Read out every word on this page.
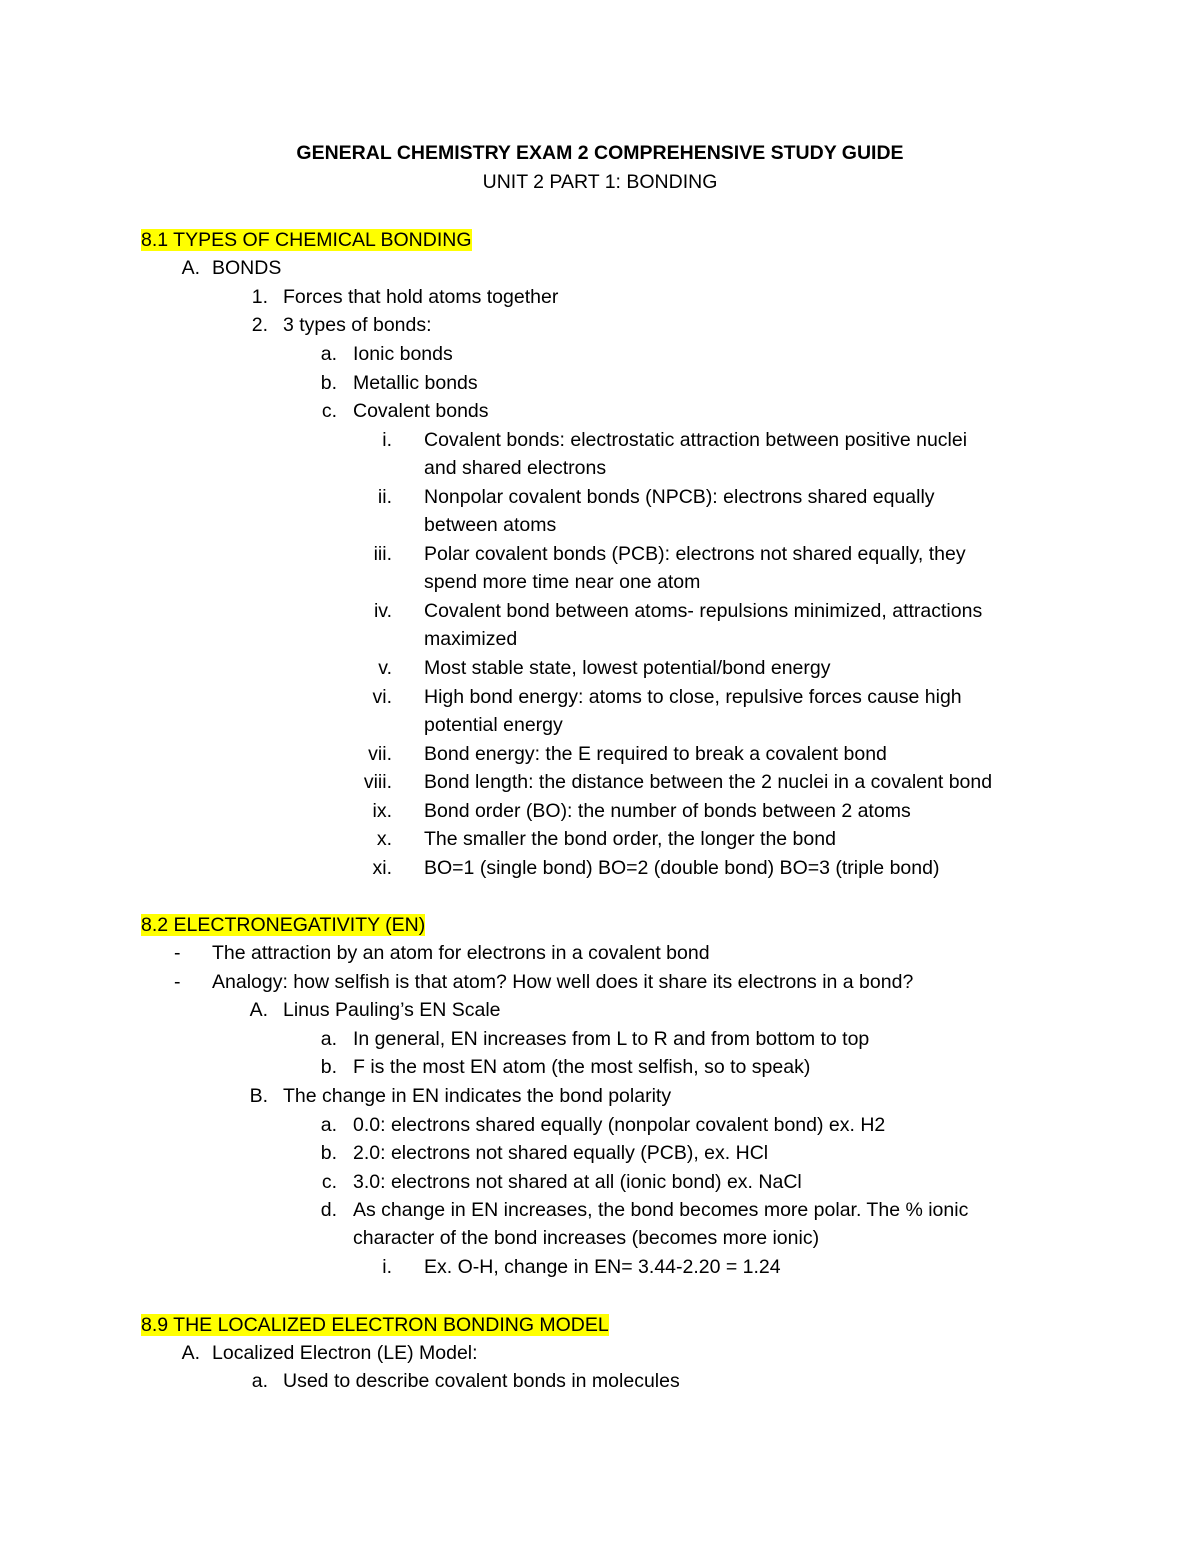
GENERAL CHEMISTRY EXAM 2 COMPREHENSIVE STUDY GUIDE
UNIT 2 PART 1: BONDING
8.1 TYPES OF CHEMICAL BONDING
A. BONDS
1. Forces that hold atoms together
2. 3 types of bonds:
a. Ionic bonds
b. Metallic bonds
c. Covalent bonds
i. Covalent bonds: electrostatic attraction between positive nuclei
and shared electrons
ii. Nonpolar covalent bonds (NPCB): electrons shared equally
between atoms
iii. Polar covalent bonds (PCB): electrons not shared equally, they
spend more time near one atom
iv. Covalent bond between atoms- repulsions minimized, attractions
maximized
v. Most stable state, lowest potential/bond energy
vi. High bond energy: atoms to close, repulsive forces cause high
potential energy
vii. Bond energy: the E required to break a covalent bond
viii. Bond length: the distance between the 2 nuclei in a covalent bond
ix. Bond order (BO): the number of bonds between 2 atoms
x. The smaller the bond order, the longer the bond
xi. BO=1 (single bond) BO=2 (double bond) BO=3 (triple bond)
8.2 ELECTRONEGATIVITY (EN)
-	The attraction by an atom for electrons in a covalent bond
-	Analogy: how selfish is that atom? How well does it share its electrons in a bond?
A. Linus Pauling’s EN Scale
a. In general, EN increases from L to R and from bottom to top
b. F is the most EN atom (the most selfish, so to speak)
B. The change in EN indicates the bond polarity
a. 0.0: electrons shared equally (nonpolar covalent bond) ex. H2
b. 2.0: electrons not shared equally (PCB), ex. HCl
c. 3.0: electrons not shared at all (ionic bond) ex. NaCl
d. As change in EN increases, the bond becomes more polar. The % ionic
character of the bond increases (becomes more ionic)
i. Ex. O-H, change in EN= 3.44-2.20 = 1.24
8.9 THE LOCALIZED ELECTRON BONDING MODEL
A. Localized Electron (LE) Model:
a. Used to describe covalent bonds in molecules
